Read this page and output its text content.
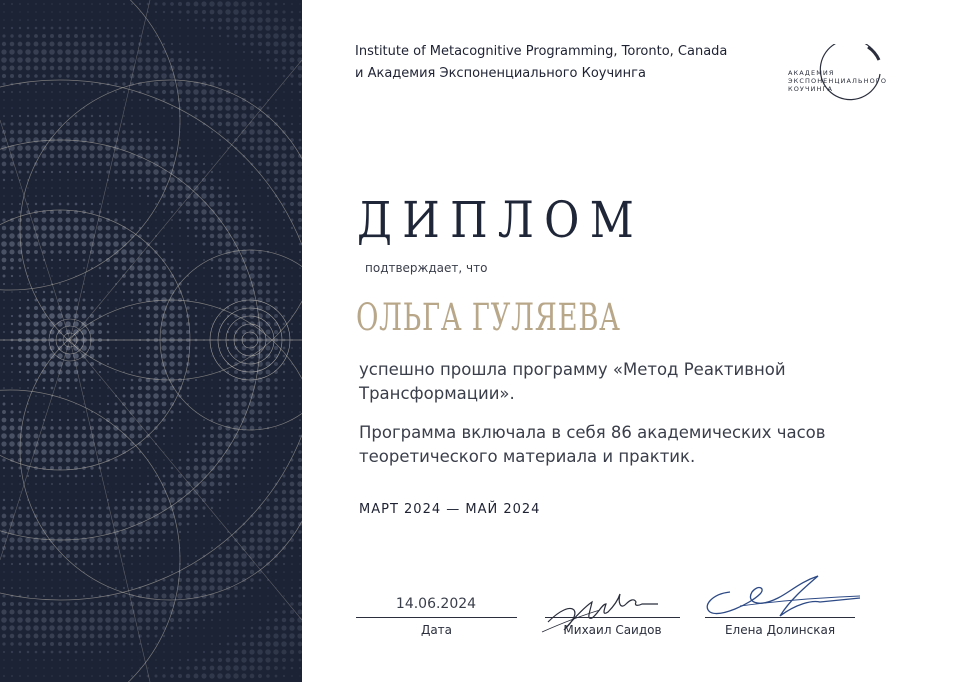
Institute of Metacognitive Programming, Toronto, Canada
и Академия Экспоненциального Коучинга	АКАДЕМИЯ
ЭКСПОНЕНЦИАЛЬНОГО
КОУЧИНГА
ДИПЛОМ
подтверждает, что
ОЛЬГА ГУЛЯЕВА
успешно прошла программу «Метод Реактивной Трансформации».
Программа включала в себя 86 академических часов теоретического материала и практик.
МАРТ 2024 — МАЙ 2024
14.06.2024
Дата	Михаил Саидов	Елена Долинская
